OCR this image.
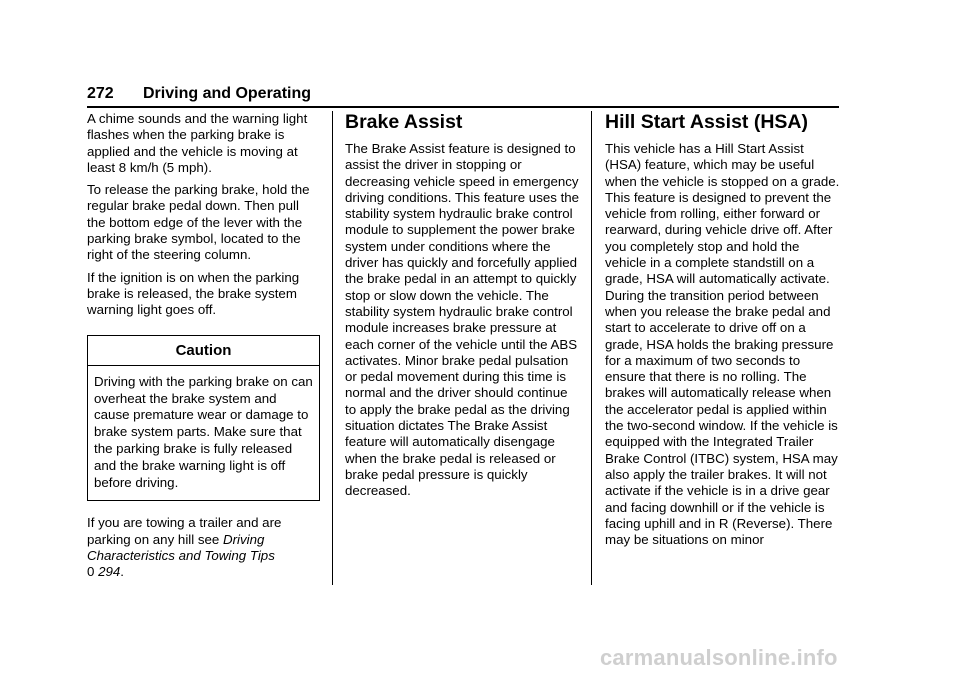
272 Driving and Operating

A chime sounds and the warning light flashes when the parking brake is applied and the vehicle is moving at least 8 km/h (5 mph).

To release the parking brake, hold the regular brake pedal down. Then pull the bottom edge of the lever with the parking brake symbol, located to the right of the steering column.

If the ignition is on when the parking brake is released, the brake system warning light goes off.

Caution
Driving with the parking brake on can overheat the brake system and cause premature wear or damage to brake system parts. Make sure that the parking brake is fully released and the brake warning light is off before driving.

If you are towing a trailer and are parking on any hill see Driving Characteristics and Towing Tips
0 294.

Brake Assist

The Brake Assist feature is designed to assist the driver in stopping or decreasing vehicle speed in emergency driving conditions. This feature uses the stability system hydraulic brake control module to supplement the power brake system under conditions where the driver has quickly and forcefully applied the brake pedal in an attempt to quickly stop or slow down the vehicle. The stability system hydraulic brake control module increases brake pressure at each corner of the vehicle until the ABS activates. Minor brake pedal pulsation or pedal movement during this time is normal and the driver should continue to apply the brake pedal as the driving situation dictates The Brake Assist feature will automatically disengage when the brake pedal is released or brake pedal pressure is quickly decreased.

Hill Start Assist (HSA)

This vehicle has a Hill Start Assist (HSA) feature, which may be useful when the vehicle is stopped on a grade. This feature is designed to prevent the vehicle from rolling, either forward or rearward, during vehicle drive off. After you completely stop and hold the vehicle in a complete standstill on a grade, HSA will automatically activate. During the transition period between when you release the brake pedal and start to accelerate to drive off on a grade, HSA holds the braking pressure for a maximum of two seconds to ensure that there is no rolling. The brakes will automatically release when the accelerator pedal is applied within the two-second window. If the vehicle is equipped with the Integrated Trailer Brake Control (ITBC) system, HSA may also apply the trailer brakes. It will not activate if the vehicle is in a drive gear and facing downhill or if the vehicle is facing uphill and in R (Reverse). There may be situations on minor

carmanualsonline.info
